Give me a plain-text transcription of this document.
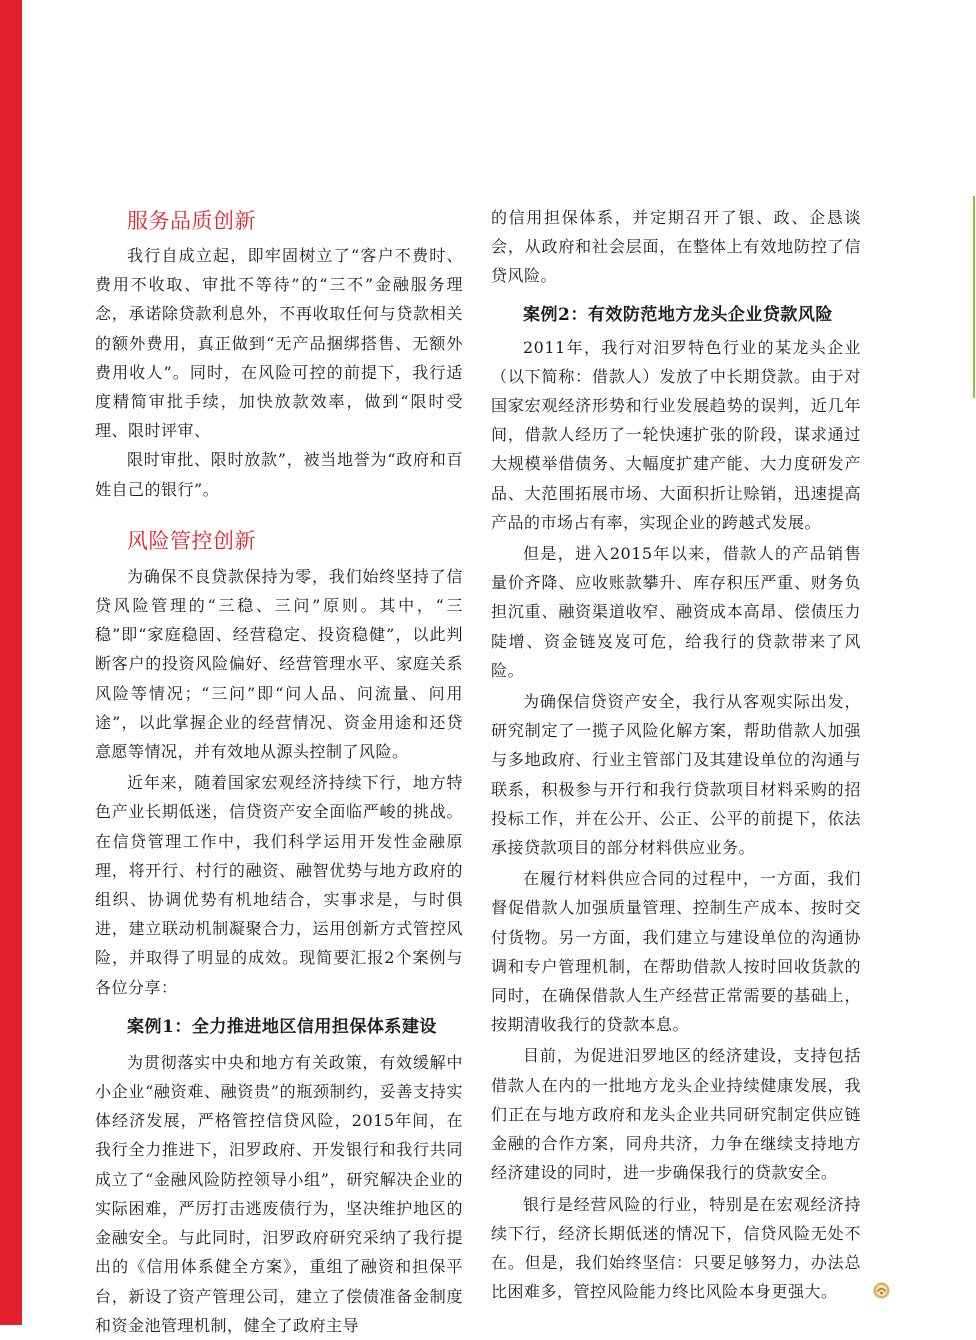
服务品质创新

我行自成立起，即牢固树立了“客户不费时、费用不收取、审批不等待”的“三不”金融服务理念，承诺除贷款利息外，不再收取任何与贷款相关的额外费用，真正做到“无产品捆绑搭售、无额外费用收人”。同时，在风险可控的前提下，我行适度精简审批手续，加快放款效率，做到“限时受理、限时评审、

限时审批、限时放款”，被当地誉为“政府和百姓自己的银行”。

风险管控创新

为确保不良贷款保持为零，我们始终坚持了信贷风险管理的“三稳、三问”原则。其中，“三稳”即“家庭稳固、经营稳定、投资稳健”，以此判断客户的投资风险偏好、经营管理水平、家庭关系风险等情况；“三问”即“问人品、问流量、问用途”，以此掌握企业的经营情况、资金用途和还贷意愿等情况，并有效地从源头控制了风险。

近年来，随着国家宏观经济持续下行，地方特色产业长期低迷，信贷资产安全面临严峻的挑战。在信贷管理工作中，我们科学运用开发性金融原理，将开行、村行的融资、融智优势与地方政府的组织、协调优势有机地结合，实事求是，与时俱进，建立联动机制凝聚合力，运用创新方式管控风险，并取得了明显的成效。现简要汇报2个案例与各位分享：

案例1：全力推进地区信用担保体系建设

为贯彻落实中央和地方有关政策，有效缓解中小企业“融资难、融资贵”的瓶颈制约，妥善支持实体经济发展，严格管控信贷风险，2015年间，在我行全力推进下，汨罗政府、开发银行和我行共同成立了“金融风险防控领导小组”，研究解决企业的实际困难，严厉打击逃废债行为，坚决维护地区的金融安全。与此同时，汨罗政府研究采纳了我行提出的《信用体系健全方案》，重组了融资和担保平台，新设了资产管理公司，建立了偿债准备金制度和资金池管理机制，健全了政府主导

的信用担保体系，并定期召开了银、政、企恳谈会，从政府和社会层面，在整体上有效地防控了信贷风险。

案例2：有效防范地方龙头企业贷款风险

2011年，我行对汨罗特色行业的某龙头企业（以下简称：借款人）发放了中长期贷款。由于对国家宏观经济形势和行业发展趋势的误判，近几年间，借款人经历了一轮快速扩张的阶段，谋求通过大规模举借债务、大幅度扩建产能、大力度研发产品、大范围拓展市场、大面积折让赊销，迅速提高产品的市场占有率，实现企业的跨越式发展。

但是，进入2015年以来，借款人的产品销售量价齐降、应收账款攀升、库存积压严重、财务负担沉重、融资渠道收窄、融资成本高昂、偿债压力陡增、资金链岌岌可危，给我行的贷款带来了风险。

为确保信贷资产安全，我行从客观实际出发，研究制定了一揽子风险化解方案，帮助借款人加强与多地政府、行业主管部门及其建设单位的沟通与联系，积极参与开行和我行贷款项目材料采购的招投标工作，并在公开、公正、公平的前提下，依法承接贷款项目的部分材料供应业务。

在履行材料供应合同的过程中，一方面，我们督促借款人加强质量管理、控制生产成本、按时交付货物。另一方面，我们建立与建设单位的沟通协调和专户管理机制，在帮助借款人按时回收货款的同时，在确保借款人生产经营正常需要的基础上，按期清收我行的贷款本息。

目前，为促进汨罗地区的经济建设，支持包括借款人在内的一批地方龙头企业持续健康发展，我们正在与地方政府和龙头企业共同研究制定供应链金融的合作方案，同舟共济，力争在继续支持地方经济建设的同时，进一步确保我行的贷款安全。

银行是经营风险的行业，特别是在宏观经济持续下行，经济长期低迷的情况下，信贷风险无处不在。但是，我们始终坚信：只要足够努力，办法总比困难多，管控风险能力终比风险本身更强大。
